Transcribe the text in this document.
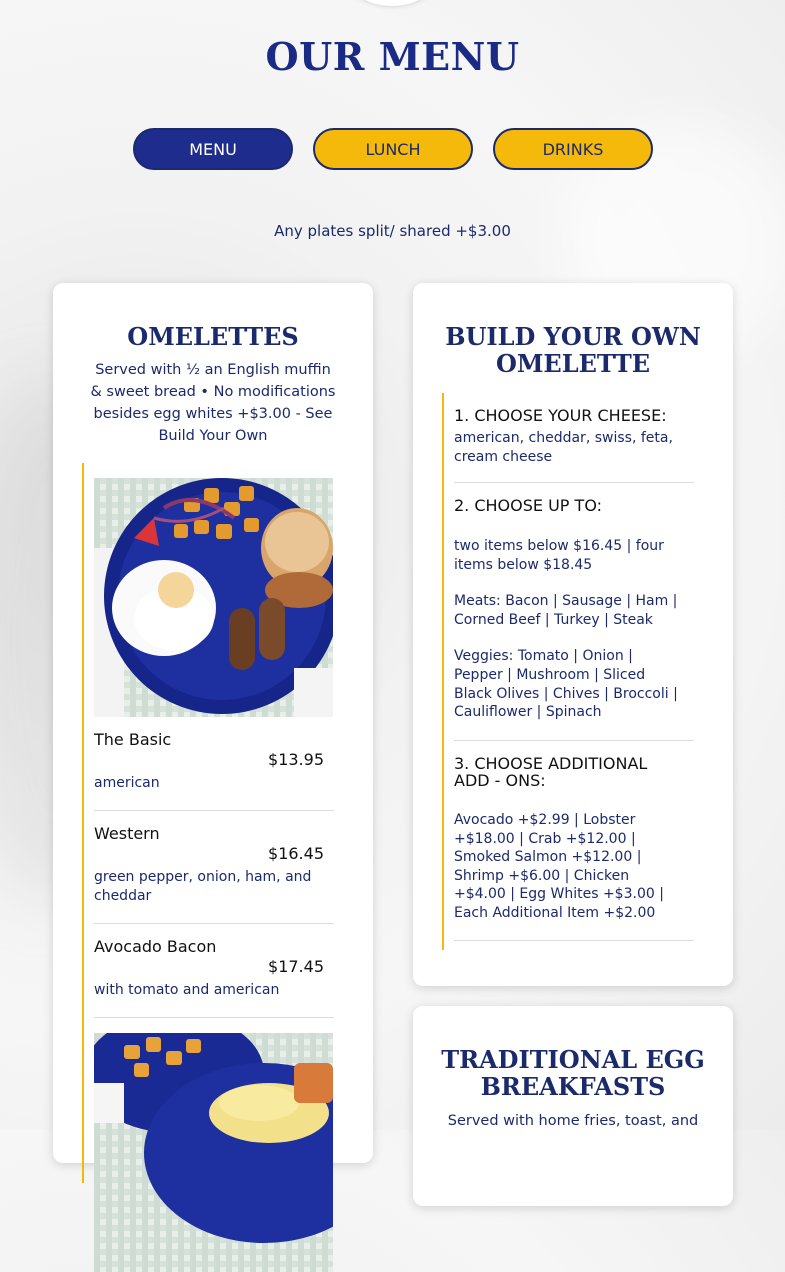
OUR MENU
MENU	LUNCH	DRINKS
Any plates split/ shared +$3.00
OMELETTES
Served with ½ an English muffin & sweet bread • No modifications besides egg whites +$3.00 - See Build Your Own
The Basic
$13.95
american
Western
$16.45
green pepper, onion, ham, and cheddar
Avocado Bacon
$17.45
with tomato and american
BUILD YOUR OWN OMELETTE
1. CHOOSE YOUR CHEESE:
american, cheddar, swiss, feta, cream cheese
2. CHOOSE UP TO:
two items below $16.45 | four items below $18.45
Meats: Bacon | Sausage | Ham | Corned Beef | Turkey | Steak
Veggies: Tomato | Onion | Pepper | Mushroom | Sliced Black Olives | Chives | Broccoli | Cauliflower | Spinach
3. CHOOSE ADDITIONAL ADD - ONS:
Avocado +$2.99 | Lobster +$18.00 | Crab +$12.00 | Smoked Salmon +$12.00 | Shrimp +$6.00 | Chicken +$4.00 | Egg Whites +$3.00 | Each Additional Item +$2.00
TRADITIONAL EGG BREAKFASTS
Served with home fries, toast, and
